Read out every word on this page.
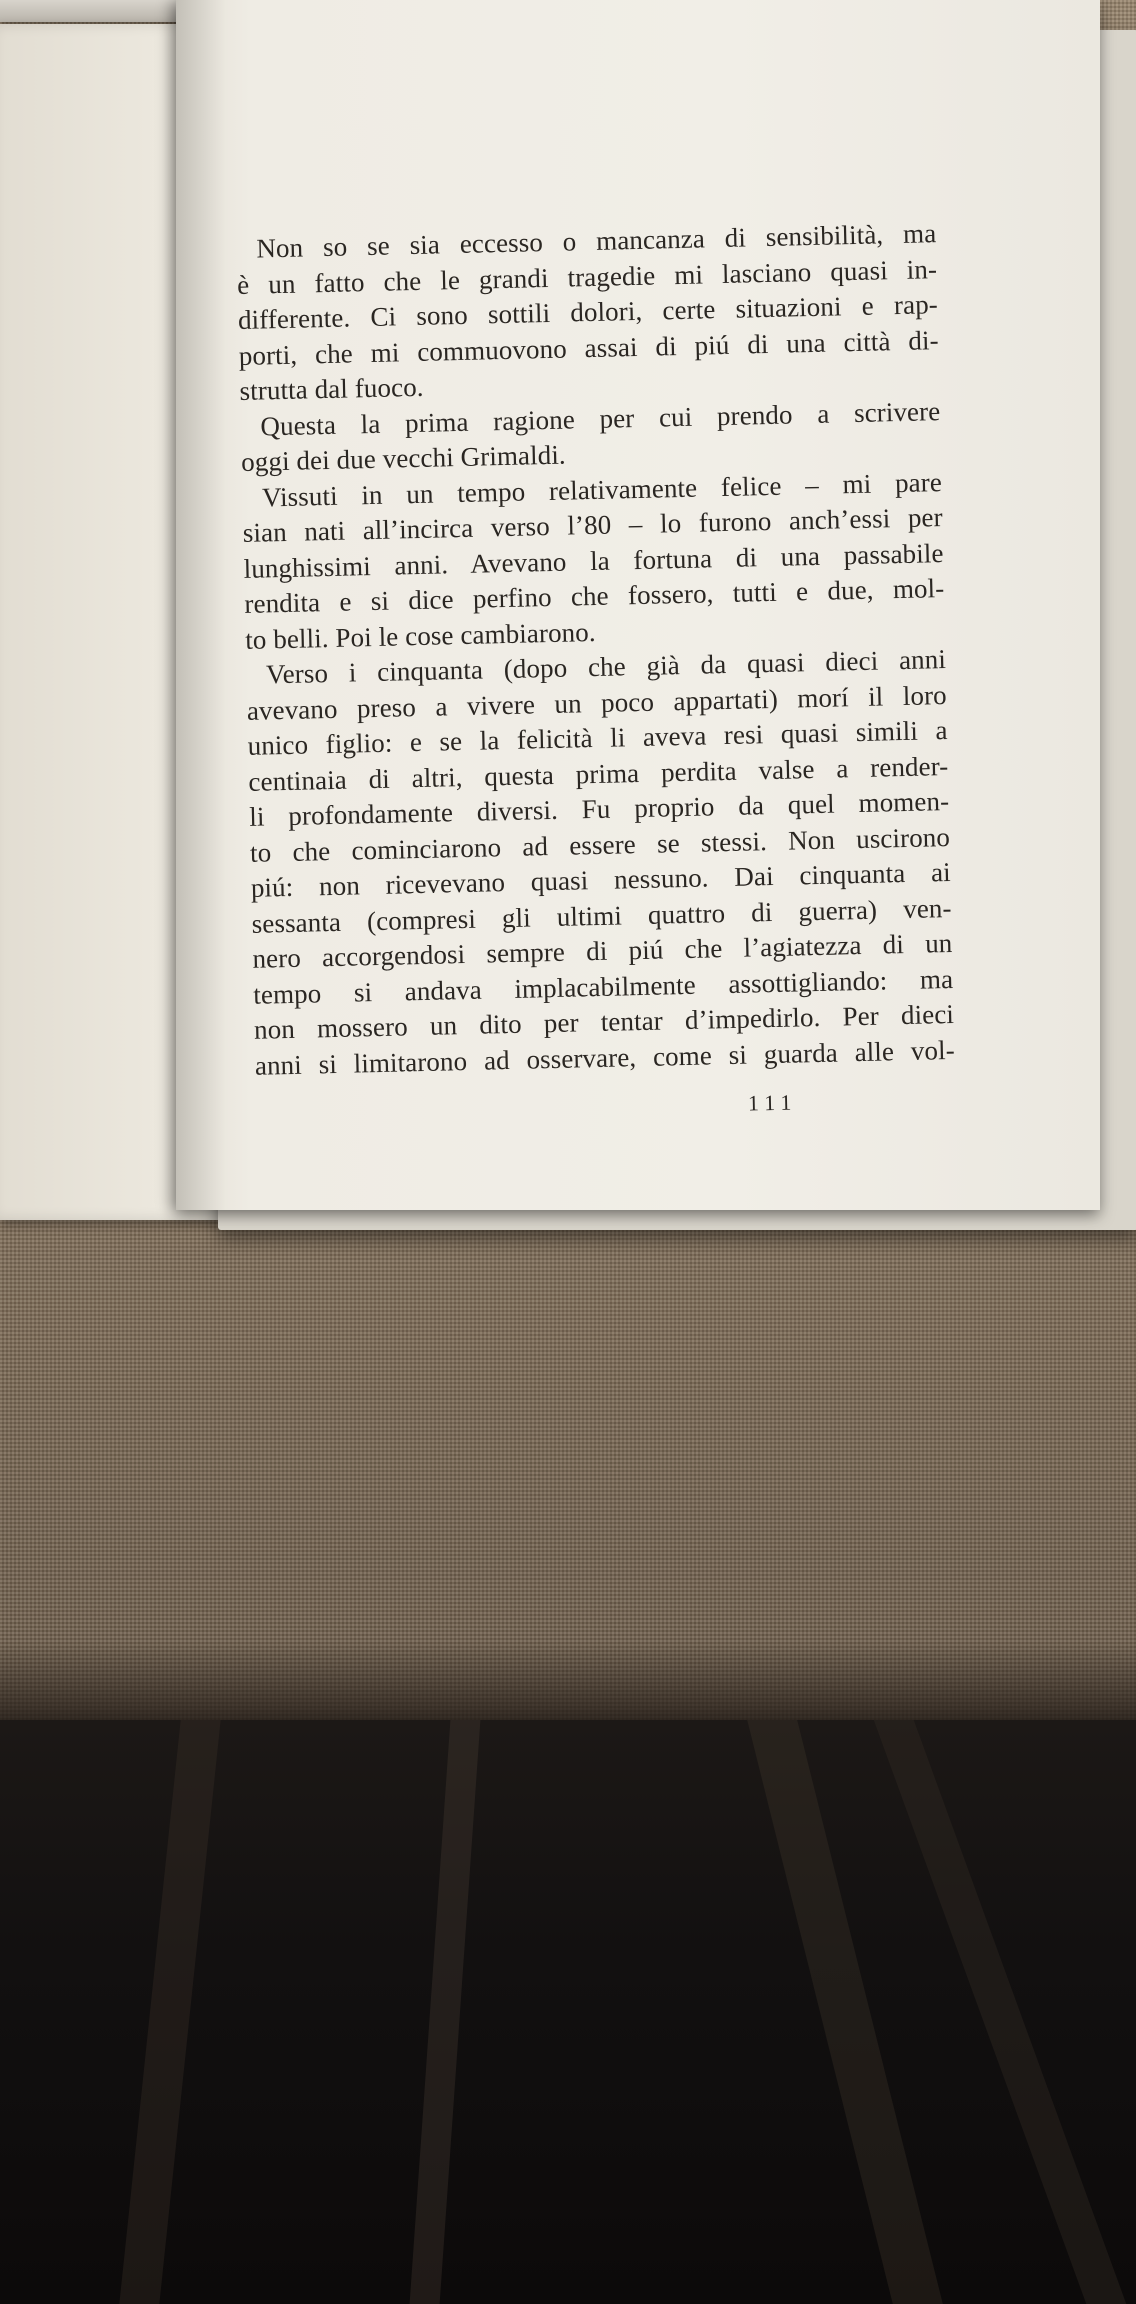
Non so se sia eccesso o mancanza di sensibilità, ma
è un fatto che le grandi tragedie mi lasciano quasi in-
differente. Ci sono sottili dolori, certe situazioni e rap-
porti, che mi commuovono assai di piú di una città di-
strutta dal fuoco.
Questa la prima ragione per cui prendo a scrivere
oggi dei due vecchi Grimaldi.
Vissuti in un tempo relativamente felice – mi pare
sian nati all’incirca verso l’80 – lo furono anch’essi per
lunghissimi anni. Avevano la fortuna di una passabile
rendita e si dice perfino che fossero, tutti e due, mol-
to belli. Poi le cose cambiarono.
Verso i cinquanta (dopo che già da quasi dieci anni
avevano preso a vivere un poco appartati) morí il loro
unico figlio: e se la felicità li aveva resi quasi simili a
centinaia di altri, questa prima perdita valse a render-
li profondamente diversi. Fu proprio da quel momen-
to che cominciarono ad essere se stessi. Non uscirono
piú: non ricevevano quasi nessuno. Dai cinquanta ai
sessanta (compresi gli ultimi quattro di guerra) ven-
nero accorgendosi sempre di piú che l’agiatezza di un
tempo si andava implacabilmente assottigliando: ma
non mossero un dito per tentar d’impedirlo. Per dieci
anni si limitarono ad osservare, come si guarda alle vol-
111
